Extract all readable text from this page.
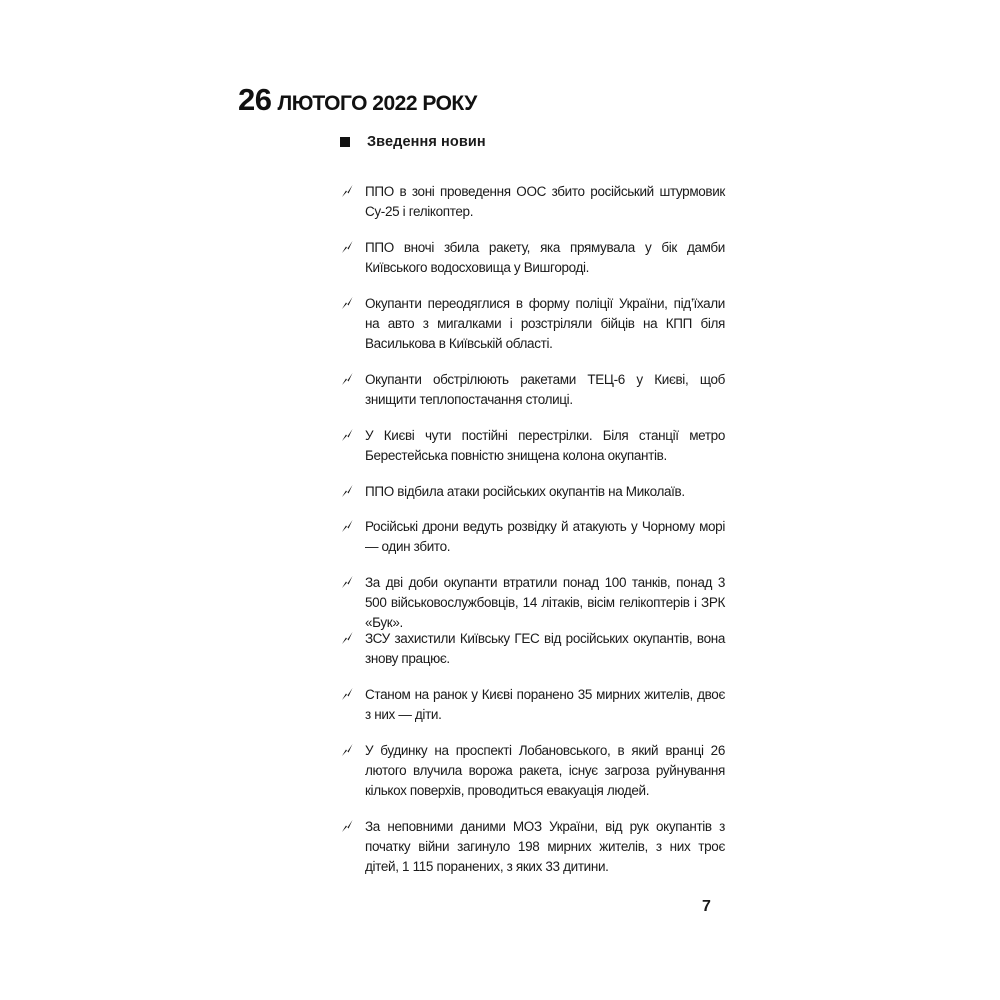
26 ЛЮТОГО 2022 РОКУ
Зведення новин
ППО в зоні проведення ООС збито російський штурмовик Су-25 і гелікоптер.
ППО вночі збила ракету, яка прямувала у бік дамби Київського водосховища у Вишгороді.
Окупанти переодяглися в форму поліції України, під’їхали на авто з мигалками і розстріляли бійців на КПП біля Василькова в Київській області.
Окупанти обстрілюють ракетами ТЕЦ-6 у Києві, щоб знищити теплопостачання столиці.
У Києві чути постійні перестрілки. Біля станції метро Берестейська повністю знищена колона окупантів.
ППО відбила атаки російських окупантів на Миколаїв.
Російські дрони ведуть розвідку й атакують у Чорному морі — один збито.
За дві доби окупанти втратили понад 100 танків, понад 3 500 військовослужбовців, 14 літаків, вісім гелікоптерів і ЗРК «Бук».
ЗСУ захистили Київську ГЕС від російських окупантів, вона знову працює.
Станом на ранок у Києві поранено 35 мирних жителів, двоє з них — діти.
У будинку на проспекті Лобановського, в який вранці 26 лютого влучила ворожа ракета, існує загроза руйнування кількох поверхів, проводиться евакуація людей.
За неповними даними МОЗ України, від рук окупантів з початку війни загинуло 198 мирних жителів, з них троє дітей, 1 115 поранених, з яких 33 дитини.
7
